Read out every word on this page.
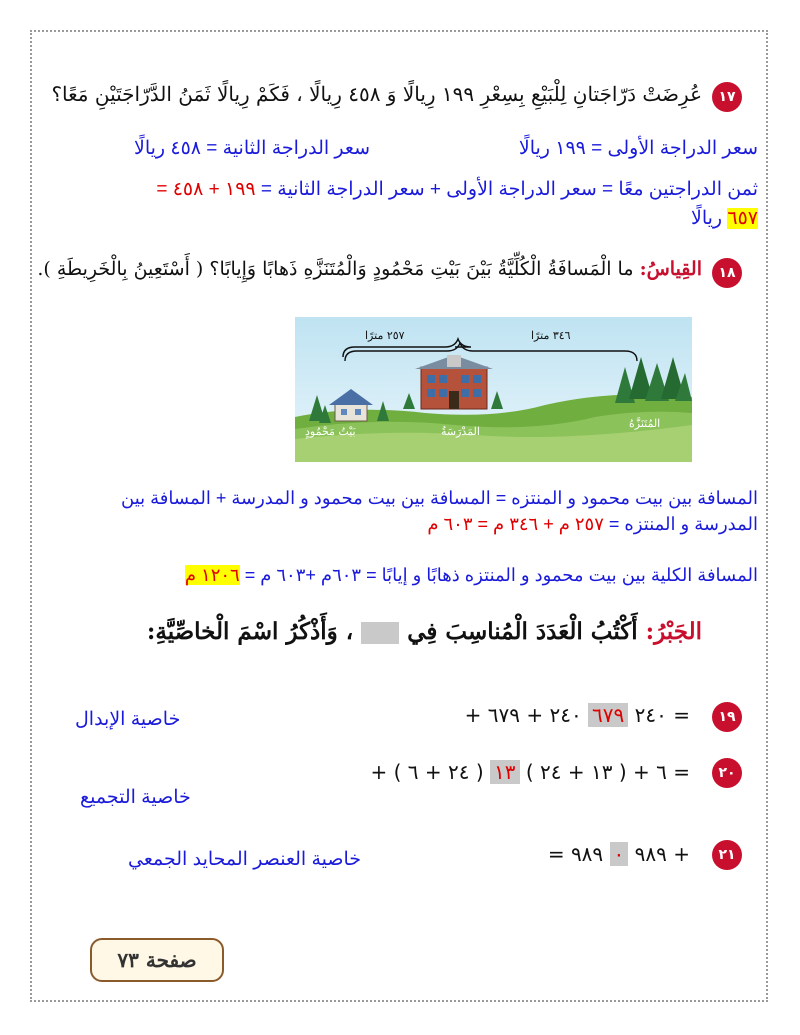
١٧
عُرِضَتْ دَرّاجَتانِ لِلْبَيْعِ بِسِعْرِ ١٩٩ رِيالًا وَ ٤٥٨ رِيالًا ، فَكَمْ رِيالًا ثَمَنُ الدَّرّاجَتَيْنِ مَعًا؟
سعر الدراجة الأولى = ١٩٩ ريالًا
سعر الدراجة الثانية = ٤٥٨ ريالًا
ثمن الدراجتين معًا = سعر الدراجة الأولى + سعر الدراجة الثانية = ١٩٩ + ٤٥٨ =
٦٥٧ ريالًا
١٨
القِياسُ: ما الْمَسافَةُ الْكُلِّيَّةُ بَيْنَ بَيْتِ مَحْمُودٍ وَالْمُتَنَزَّهِ ذَهابًا وَإِيابًا؟ ( أَسْتَعِينُ بِالْخَرِيطَةِ ).
٢٥٧ مترًا	٣٤٦ مترًا
بَيْتُ مَحْمُودٍ	المَدْرَسَةُ
المُتَنَزَّهُ
المسافة بين بيت محمود و المنتزه = المسافة بين بيت محمود و المدرسة + المسافة بين
المدرسة و المنتزه = ٢٥٧ م + ٣٤٦ م = ٦٠٣ م
المسافة الكلية بين بيت محمود و المنتزه ذهابًا و إيابًا = ٦٠٣م +٦٠٣ م = ١٢٠٦ م
الجَبْرُ: أَكْتُبُ الْعَدَدَ الْمُناسِبَ فِي  ، وَأَذْكُرُ اسْمَ الْخاصِّيَّةِ:
١٩
+ ٢٤٠ ٦٧٩ ٢٤٠ + ٦٧٩ =
خاصية الإبدال
٢٠
+ ( ٢٤ + ٦ ) ١٣ ( ١٣ + ٢٤ ) + ٦ =
خاصية التجميع
٢١
= ٩٨٩ ٠ ٩٨٩ +
خاصية العنصر المحايد الجمعي
صفحة ٧٣
